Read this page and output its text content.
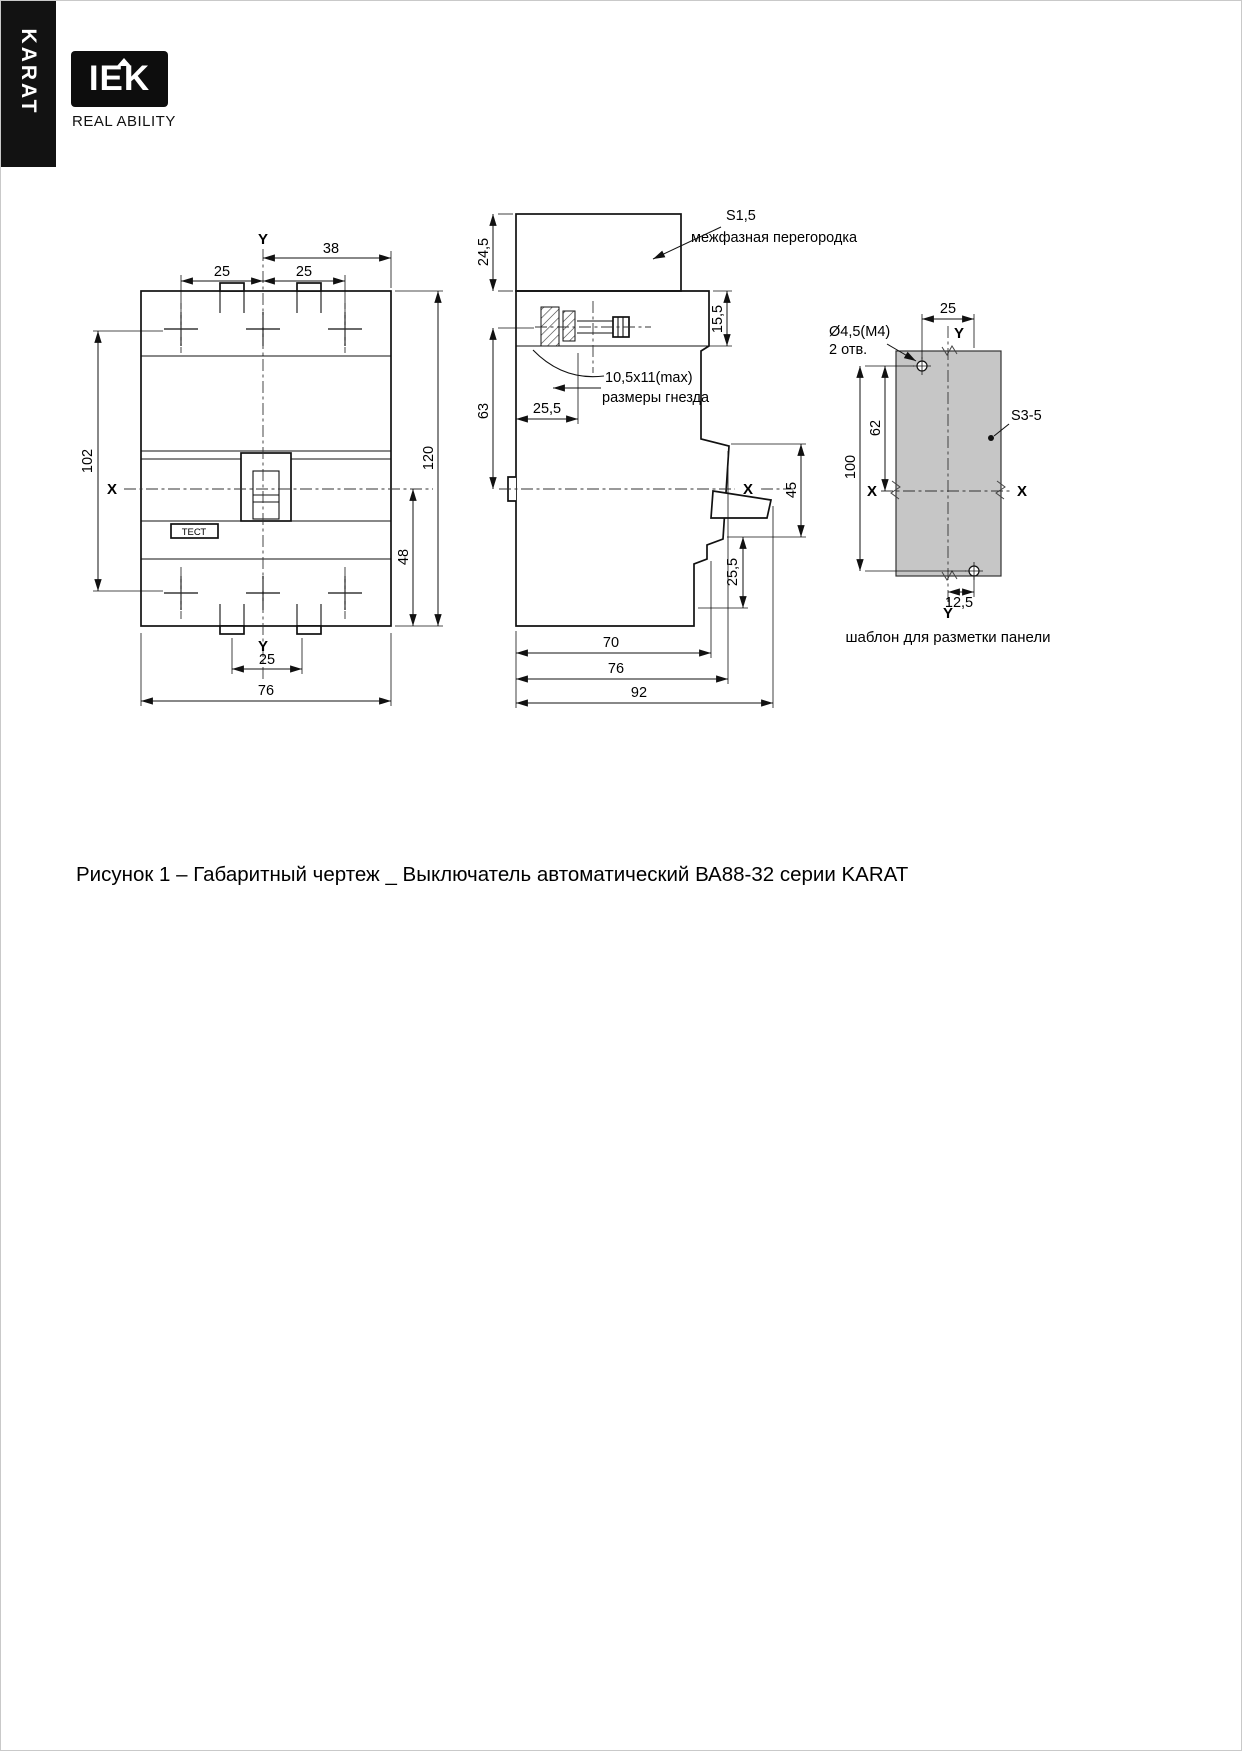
KARAT	IEK
REAL ABILITY
ТЕСТ
Y
X
Y
38
25	25
102	120
48
25
76
S1,5
межфазная перегородка
24,5
15,5
63
10,5x11(max)
размеры гнезда
25,5
X 45
25,5
70
76
92
Y
Y
X	X
25
Ø4,5(M4)
2 отв.
S3-5
62
100
12,5
шаблон для разметки панели
Рисунок 1 – Габаритный чертеж _ Выключатель автоматический ВА88-32 серии KARAT
